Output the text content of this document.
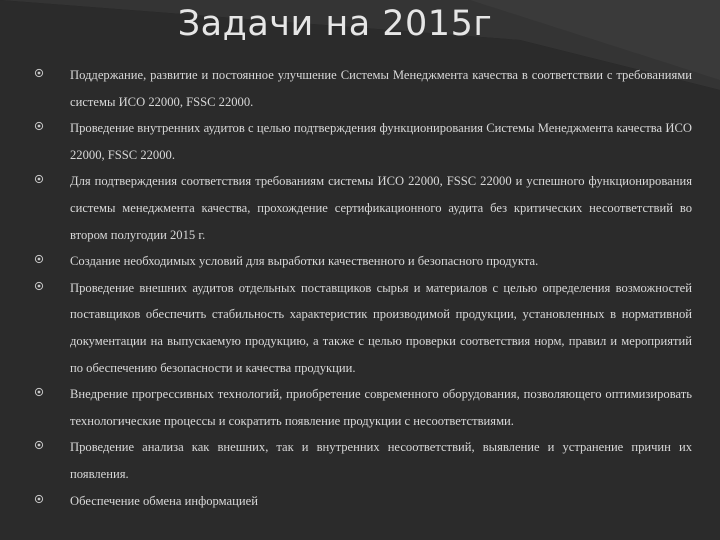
Задачи на 2015г
Поддержание, развитие и постоянное улучшение Системы Менеджмента качества в соответствии с требованиями системы ИСО 22000, FSSC 22000.
Проведение внутренних аудитов с целью подтверждения функционирования Системы Менеджмента качества ИСО 22000, FSSC 22000.
Для подтверждения соответствия требованиям системы ИСО 22000, FSSC 22000 и успешного функционирования системы менеджмента качества, прохождение сертификационного аудита без критических несоответствий во втором полугодии 2015 г.
Создание необходимых условий для выработки качественного и безопасного продукта.
Проведение внешних аудитов отдельных поставщиков сырья и материалов с целью определения возможностей поставщиков обеспечить стабильность характеристик производимой продукции, установленных в нормативной документации на выпускаемую продукцию, а также с целью проверки соответствия норм, правил и мероприятий по обеспечению безопасности и качества продукции.
Внедрение прогрессивных технологий, приобретение современного оборудования, позволяющего оптимизировать технологические процессы и сократить появление продукции с несоответствиями.
Проведение анализа как внешних, так и внутренних несоответствий, выявление и устранение причин их появления.
Обеспечение обмена информацией
